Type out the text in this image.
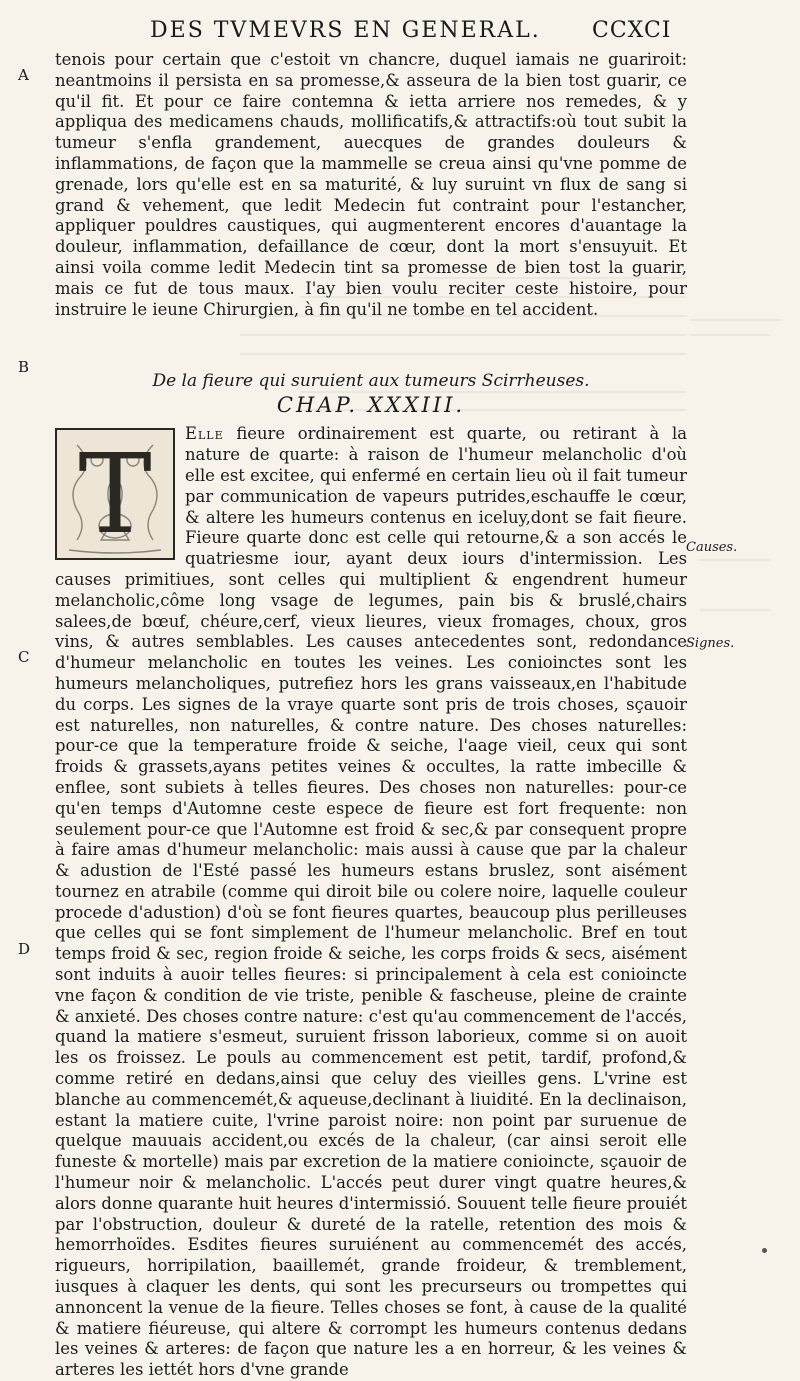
DES TVMEVRS EN GENERAL. CCXCI
A
B
C
D
Causes.
Signes.

tenois pour certain que c'estoit vn chancre, duquel iamais ne guariroit: neantmoins il persista en sa promesse,& asseura de la bien tost guarir, ce qu'il fit. Et pour ce faire contemna & ietta arriere nos remedes, & y appliqua des medicamens chauds, mollificatifs,& attractifs:où tout subit la tumeur s'enfla grandement, auecques de grandes douleurs & inflammations, de façon que la mammelle se creua ainsi qu'vne pomme de grenade, lors qu'elle est en sa maturité, & luy suruint vn flux de sang si grand & vehement, que ledit Medecin fut contraint pour l'estancher, appliquer pouldres caustiques, qui augmenterent encores d'auantage la douleur, inflammation, defaillance de cœur, dont la mort s'ensuyuit. Et ainsi voila comme ledit Medecin tint sa promesse de bien tost la guarir, mais ce fut de tous maux. I'ay bien voulu reciter ceste histoire, pour instruire le ieune Chirurgien, à fin qu'il ne tombe en tel accident.

De la fieure qui suruient aux tumeurs Scirrheuses.
CHAP. XXXIII.

T	Elle fieure ordinairement est quarte, ou retirant à la nature de quarte: à raison de l'humeur melancholic d'où elle est excitee, qui enfermé en certain lieu où il fait tumeur par communication de vapeurs putrides,eschauffe le cœur, & altere les humeurs contenus en iceluy,dont se fait fieure. Fieure quarte donc est celle qui retourne,& a son accés le quatriesme iour, ayant deux iours d'intermission. Les causes primitiues, sont celles qui multiplient & engendrent humeur melancholic,côme long vsage de legumes, pain bis & bruslé,chairs salees,de bœuf, chéure,cerf, vieux lieures, vieux fromages, choux, gros vins, & autres semblables. Les causes antecedentes sont, redondance d'humeur melancholic en toutes les veines. Les conioinctes sont les humeurs melancholiques, putrefiez hors les grans vaisseaux,en l'habitude du corps. Les signes de la vraye quarte sont pris de trois choses, sçauoir est naturelles, non naturelles, & contre nature. Des choses naturelles: pour-ce que la temperature froide & seiche, l'aage vieil, ceux qui sont froids & grassets,ayans petites veines & occultes, la ratte imbecille & enflee, sont subiets à telles fieures. Des choses non naturelles: pour-ce qu'en temps d'Automne ceste espece de fieure est fort frequente: non seulement pour-ce que l'Automne est froid & sec,& par consequent propre à faire amas d'humeur melancholic: mais aussi à cause que par la chaleur & adustion de l'Esté passé les humeurs estans bruslez, sont aisément tournez en atrabile (comme qui diroit bile ou colere noire, laquelle couleur procede d'adustion) d'où se font fieures quartes, beaucoup plus perilleuses que celles qui se font simplement de l'humeur melancholic. Bref en tout temps froid & sec, region froide & seiche, les corps froids & secs, aisément sont induits à auoir telles fieures: si principalement à cela est conioincte vne façon & condition de vie triste, penible & fascheuse, pleine de crainte & anxieté. Des choses contre nature: c'est qu'au commencement de l'accés, quand la matiere s'esmeut, suruient frisson laborieux, comme si on auoit les os froissez. Le pouls au commencement est petit, tardif, profond,& comme retiré en dedans,ainsi que celuy des vieilles gens. L'vrine est blanche au commencemét,& aqueuse,declinant à liuidité. En la declinaison, estant la matiere cuite, l'vrine paroist noire: non point par suruenue de quelque mauuais accident,ou excés de la chaleur, (car ainsi seroit elle funeste & mortelle) mais par excretion de la matiere conioincte, sçauoir de l'humeur noir & melancholic. L'accés peut durer vingt quatre heures,& alors donne quarante huit heures d'intermissió. Souuent telle fieure prouiét par l'obstruction, douleur & dureté de la ratelle, retention des mois & hemorrhoïdes. Esdites fieures suruiénent au commencemét des accés, rigueurs, horripilation, baaillemét, grande froideur, & tremblement, iusques à claquer les dents, qui sont les precurseurs ou trompettes qui annoncent la venue de la fieure. Telles choses se font, à cause de la qualité & matiere fiéureuse, qui altere & corrompt les humeurs contenus dedans les veines & arteres: de façon que nature les a en horreur, & les veines & arteres les iettét hors d'vne grande
